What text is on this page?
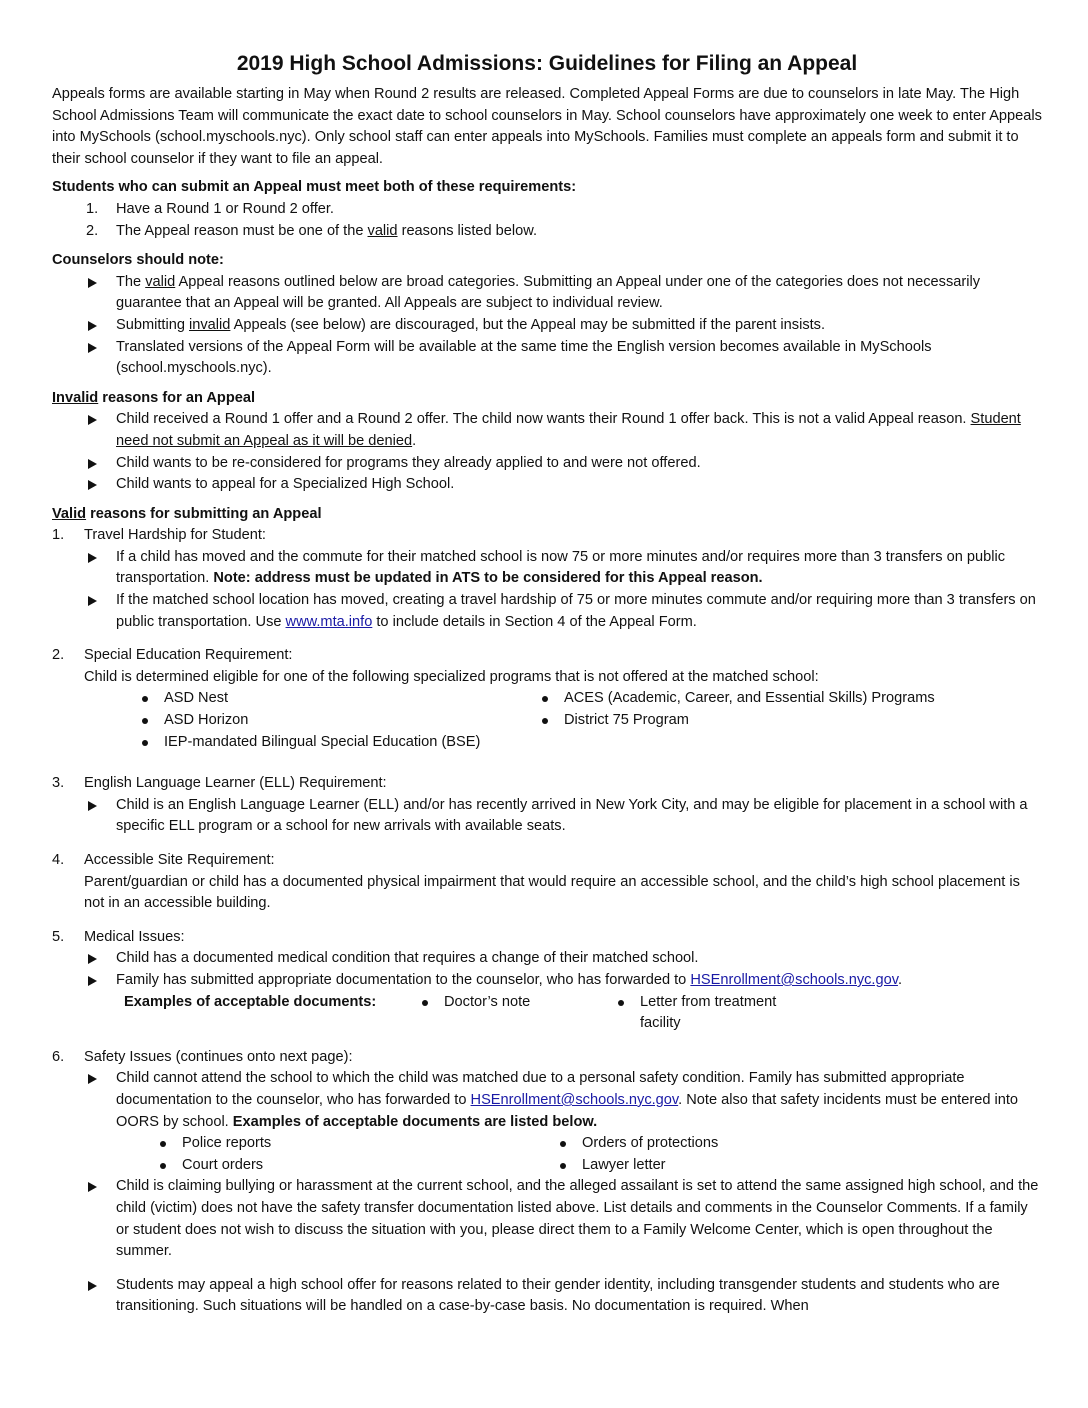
2019 High School Admissions: Guidelines for Filing an Appeal

Appeals forms are available starting in May when Round 2 results are released. Completed Appeal Forms are due to counselors in late May. The High School Admissions Team will communicate the exact date to school counselors in May. School counselors have approximately one week to enter Appeals into MySchools (school.myschools.nyc). Only school staff can enter appeals into MySchools. Families must complete an appeals form and submit it to their school counselor if they want to file an appeal.

Students who can submit an Appeal must meet both of these requirements:
1. Have a Round 1 or Round 2 offer.
2. The Appeal reason must be one of the valid reasons listed below.
Counselors should note:
The valid Appeal reasons outlined below are broad categories. Submitting an Appeal under one of the categories does not necessarily guarantee that an Appeal will be granted. All Appeals are subject to individual review.
Submitting invalid Appeals (see below) are discouraged, but the Appeal may be submitted if the parent insists.
Translated versions of the Appeal Form will be available at the same time the English version becomes available in MySchools (school.myschools.nyc).
Invalid reasons for an Appeal
Child received a Round 1 offer and a Round 2 offer. The child now wants their Round 1 offer back. This is not a valid Appeal reason. Student need not submit an Appeal as it will be denied.
Child wants to be re-considered for programs they already applied to and were not offered.
Child wants to appeal for a Specialized High School.
Valid reasons for submitting an Appeal
1. Travel Hardship for Student:
If a child has moved and the commute for their matched school is now 75 or more minutes and/or requires more than 3 transfers on public transportation. Note: address must be updated in ATS to be considered for this Appeal reason.
If the matched school location has moved, creating a travel hardship of 75 or more minutes commute and/or requiring more than 3 transfers on public transportation. Use www.mta.info to include details in Section 4 of the Appeal Form.
2. Special Education Requirement:
Child is determined eligible for one of the following specialized programs that is not offered at the matched school:
ASD Nest	ACES (Academic, Career, and Essential Skills) Programs
ASD Horizon	District 75 Program
IEP-mandated Bilingual Special Education (BSE)
3. English Language Learner (ELL) Requirement:
Child is an English Language Learner (ELL) and/or has recently arrived in New York City, and may be eligible for placement in a school with a specific ELL program or a school for new arrivals with available seats.
4. Accessible Site Requirement:
Parent/guardian or child has a documented physical impairment that would require an accessible school, and the child’s high school placement is not in an accessible building.
5. Medical Issues:
Child has a documented medical condition that requires a change of their matched school.
Family has submitted appropriate documentation to the counselor, who has forwarded to HSEnrollment@schools.nyc.gov.
Examples of acceptable documents:	Doctor’s note	Letter from treatment facility
6. Safety Issues (continues onto next page):
Child cannot attend the school to which the child was matched due to a personal safety condition. Family has submitted appropriate documentation to the counselor, who has forwarded to HSEnrollment@schools.nyc.gov. Note also that safety incidents must be entered into OORS by school. Examples of acceptable documents are listed below.
Police reports	Orders of protections
Court orders	Lawyer letter
Child is claiming bullying or harassment at the current school, and the alleged assailant is set to attend the same assigned high school, and the child (victim) does not have the safety transfer documentation listed above. List details and comments in the Counselor Comments. If a family or student does not wish to discuss the situation with you, please direct them to a Family Welcome Center, which is open throughout the summer.
Students may appeal a high school offer for reasons related to their gender identity, including transgender students and students who are transitioning. Such situations will be handled on a case-by-case basis. No documentation is required. When
